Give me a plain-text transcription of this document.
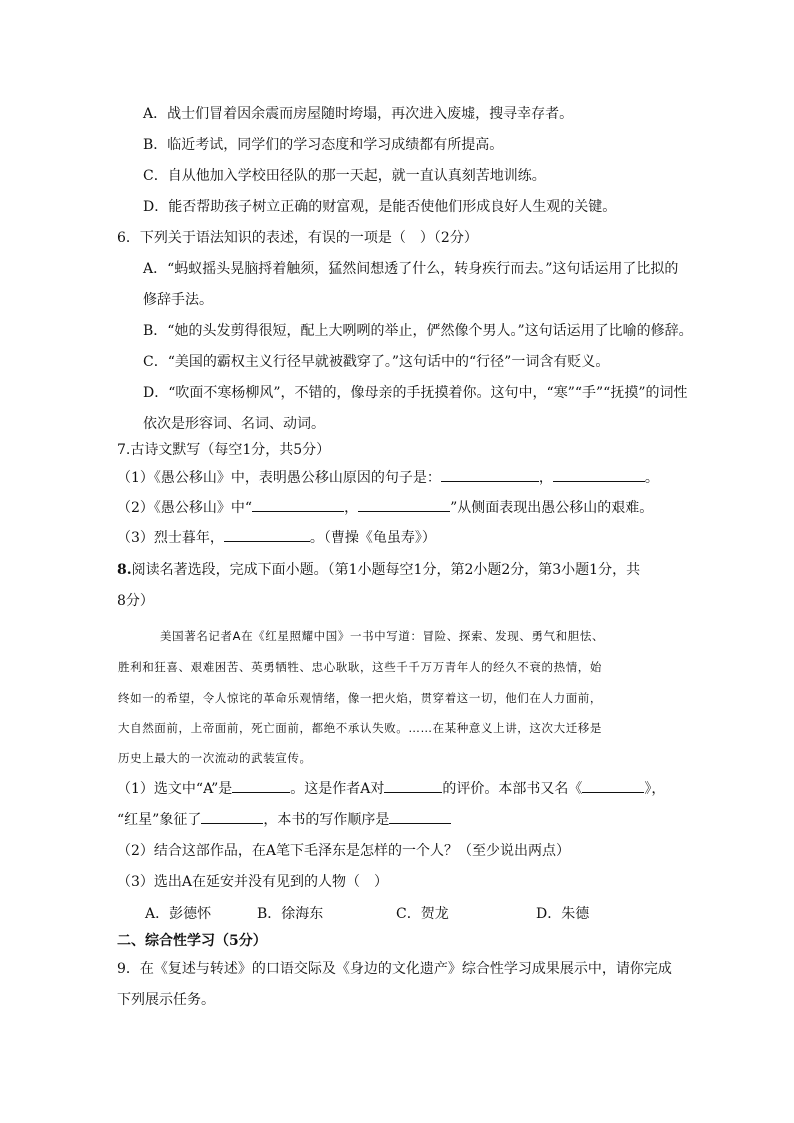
A．战士们冒着因余震而房屋随时垮塌，再次进入废墟，搜寻幸存者。
B．临近考试，同学们的学习态度和学习成绩都有所提高。
C．自从他加入学校田径队的那一天起，就一直认真刻苦地训练。
D．能否帮助孩子树立正确的财富观，是能否使他们形成良好人生观的关键。
6．下列关于语法知识的表述，有误的一项是（　）（2分）
A．“蚂蚁摇头晃脑捋着触须，猛然间想透了什么，转身疾行而去。”这句话运用了比拟的
修辞手法。
B．“她的头发剪得很短，配上大咧咧的举止，俨然像个男人。”这句话运用了比喻的修辞。
C．“美国的霸权主义行径早就被戳穿了。”这句话中的“行径”一词含有贬义。
D．“吹面不寒杨柳风”，不错的，像母亲的手抚摸着你。这句中，“寒”“手”“抚摸”的词性
依次是形容词、名词、动词。
7.古诗文默写（每空1分，共5分）
（1）《愚公移山》中，表明愚公移山原因的句子是：	，	。
（2）《愚公移山》中“	，	”从侧面表现出愚公移山的艰难。
（3）烈士暮年，	。（曹操《龟虽寿》）
8.阅读名著选段，完成下面小题。（第1小题每空1分，第2小题2分，第3小题1分，共
8分）
美国著名记者A在《红星照耀中国》一书中写道：冒险、探索、发现、勇气和胆怯、
胜利和狂喜、艰难困苦、英勇牺牲、忠心耿耿，这些千千万万青年人的经久不衰的热情，始
终如一的希望，令人惊诧的革命乐观情绪，像一把火焰，贯穿着这一切，他们在人力面前，
大自然面前，上帝面前，死亡面前，都绝不承认失败。……在某种意义上讲，这次大迁移是
历史上最大的一次流动的武装宣传。
（1）选文中“A”是	。这是作者A对	的评价。本部书又名《	》，
“红星”象征了	，本书的写作顺序是
（2）结合这部作品，在A笔下毛泽东是怎样的一个人？（至少说出两点）
（3）选出A在延安并没有见到的人物（　）
A．彭德怀	B．徐海东	C．贺龙	D．朱德
二、综合性学习（5分）
9．在《复述与转述》的口语交际及《身边的文化遗产》综合性学习成果展示中，请你完成
下列展示任务。
